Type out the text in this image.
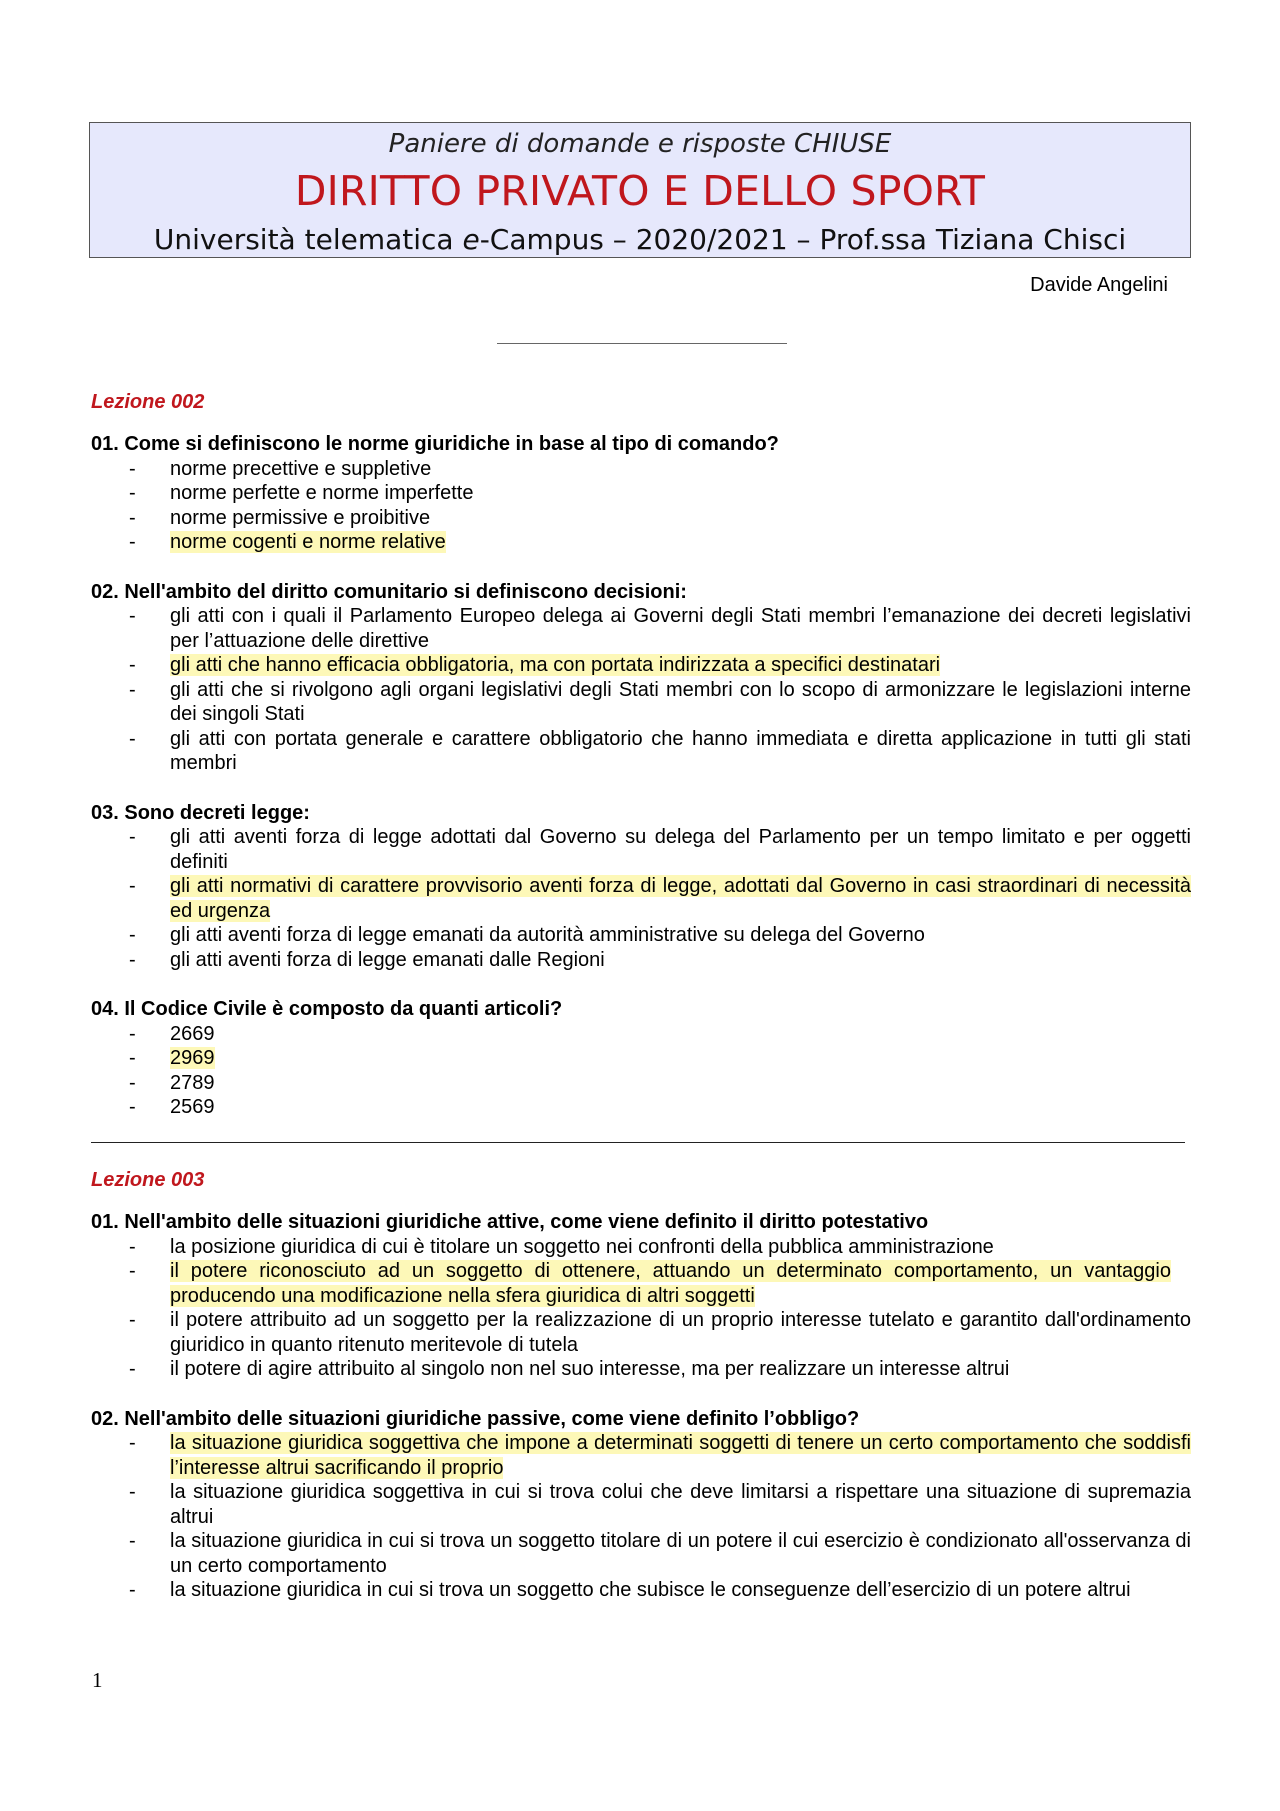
Paniere di domande e risposte CHIUSE
DIRITTO PRIVATO E DELLO SPORT
Università telematica e-Campus – 2020/2021 – Prof.ssa Tiziana Chisci
Davide Angelini
Lezione 002

01. Come si definiscono le norme giuridiche in base al tipo di comando?

- norme precettive e suppletive
- norme perfette e norme imperfette
- norme permissive e proibitive
- norme cogenti e norme relative

02. Nell'ambito del diritto comunitario si definiscono decisioni:

- gli atti con i quali il Parlamento Europeo delega ai Governi degli Stati membri l’emanazione dei decreti legislativi per l’attuazione delle direttive
- gli atti che hanno efficacia obbligatoria, ma con portata indirizzata a specifici destinatari
- gli atti che si rivolgono agli organi legislativi degli Stati membri con lo scopo di armonizzare le legislazioni interne dei singoli Stati
- gli atti con portata generale e carattere obbligatorio che hanno immediata e diretta applicazione in tutti gli stati membri

03. Sono decreti legge:

- gli atti aventi forza di legge adottati dal Governo su delega del Parlamento per un tempo limitato e per oggetti definiti
- gli atti normativi di carattere provvisorio aventi forza di legge, adottati dal Governo in casi straordinari di necessità ed urgenza
- gli atti aventi forza di legge emanati da autorità amministrative su delega del Governo
- gli atti aventi forza di legge emanati dalle Regioni

04. Il Codice Civile è composto da quanti articoli?

- 2669
- 2969
- 2789
- 2569
Lezione 003

01. Nell'ambito delle situazioni giuridiche attive, come viene definito il diritto potestativo

- la posizione giuridica di cui è titolare un soggetto nei confronti della pubblica amministrazione
- il potere riconosciuto ad un soggetto di ottenere, attuando un determinato comportamento, un vantaggio producendo una modificazione nella sfera giuridica di altri soggetti
- il potere attribuito ad un soggetto per la realizzazione di un proprio interesse tutelato e garantito dall'ordinamento giuridico in quanto ritenuto meritevole di tutela
- il potere di agire attribuito al singolo non nel suo interesse, ma per realizzare un interesse altrui

02. Nell'ambito delle situazioni giuridiche passive, come viene definito l’obbligo?

- la situazione giuridica soggettiva che impone a determinati soggetti di tenere un certo comportamento che soddisfi l’interesse altrui sacrificando il proprio
- la situazione giuridica soggettiva in cui si trova colui che deve limitarsi a rispettare una situazione di supremazia altrui
- la situazione giuridica in cui si trova un soggetto titolare di un potere il cui esercizio è condizionato all'osservanza di un certo comportamento
- la situazione giuridica in cui si trova un soggetto che subisce le conseguenze dell’esercizio di un potere altrui
1
